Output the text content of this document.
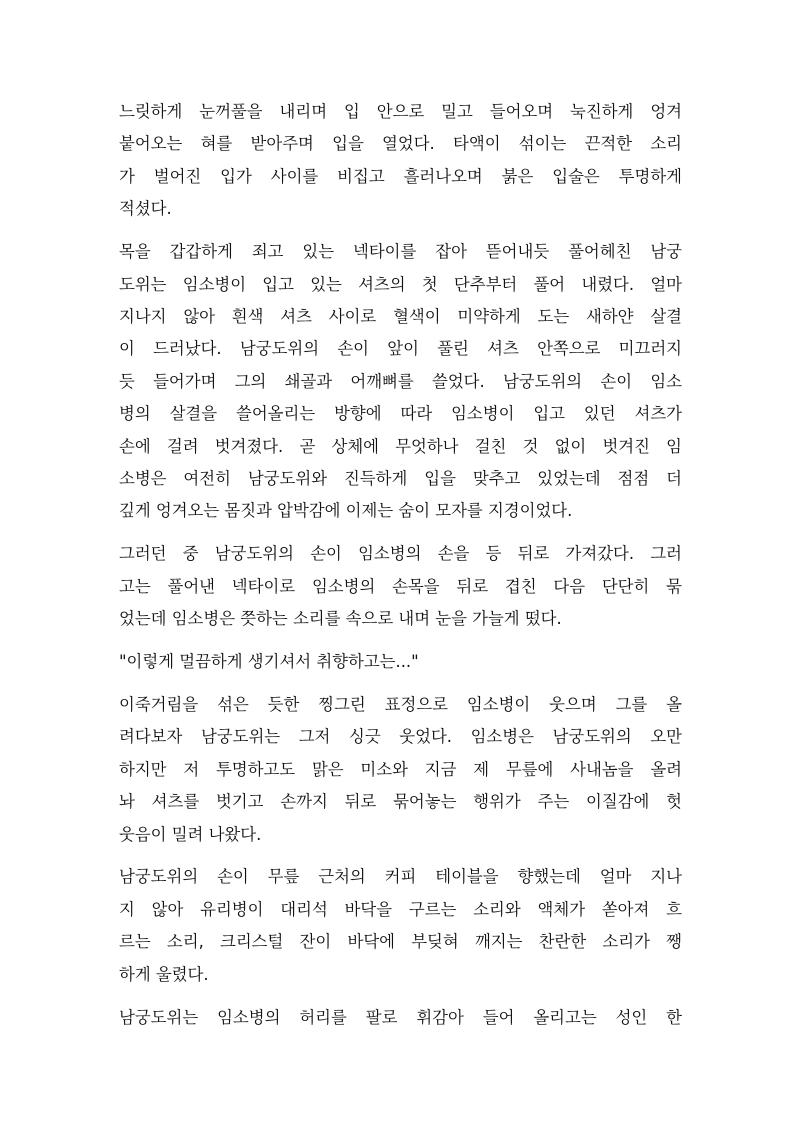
느릿하게 눈꺼풀을 내리며 입 안으로 밀고 들어오며 눅진하게 엉겨
붙어오는 혀를 받아주며 입을 열었다. 타액이 섞이는 끈적한 소리
가 벌어진 입가 사이를 비집고 흘러나오며 붉은 입술은 투명하게
적셨다.

목을 갑갑하게 죄고 있는 넥타이를 잡아 뜯어내듯 풀어헤친 남궁
도위는 임소병이 입고 있는 셔츠의 첫 단추부터 풀어 내렸다. 얼마
지나지 않아 흰색 셔츠 사이로 혈색이 미약하게 도는 새하얀 살결
이 드러났다. 남궁도위의 손이 앞이 풀린 셔츠 안쪽으로 미끄러지
듯 들어가며 그의 쇄골과 어깨뼈를 쓸었다. 남궁도위의 손이 임소
병의 살결을 쓸어올리는 방향에 따라 임소병이 입고 있던 셔츠가
손에 걸려 벗겨졌다. 곧 상체에 무엇하나 걸친 것 없이 벗겨진 임
소병은 여전히 남궁도위와 진득하게 입을 맞추고 있었는데 점점 더
깊게 엉겨오는 몸짓과 압박감에 이제는 숨이 모자를 지경이었다.

그러던 중 남궁도위의 손이 임소병의 손을 등 뒤로 가져갔다. 그러
고는 풀어낸 넥타이로 임소병의 손목을 뒤로 겹친 다음 단단히 묶
었는데 임소병은 쯧하는 소리를 속으로 내며 눈을 가늘게 떴다.

"이렇게 멀끔하게 생기셔서 취향하고는..."

이죽거림을 섞은 듯한 찡그린 표정으로 임소병이 웃으며 그를 올
려다보자 남궁도위는 그저 싱긋 웃었다. 임소병은 남궁도위의 오만
하지만 저 투명하고도 맑은 미소와 지금 제 무릎에 사내놈을 올려
놔 셔츠를 벗기고 손까지 뒤로 묶어놓는 행위가 주는 이질감에 헛
웃음이 밀려 나왔다.

남궁도위의 손이 무릎 근처의 커피 테이블을 향했는데 얼마 지나
지 않아 유리병이 대리석 바닥을 구르는 소리와 액체가 쏟아져 흐
르는 소리, 크리스털 잔이 바닥에 부딪혀 깨지는 찬란한 소리가 쨍
하게 울렸다.

남궁도위는 임소병의 허리를 팔로 휘감아 들어 올리고는 성인 한
